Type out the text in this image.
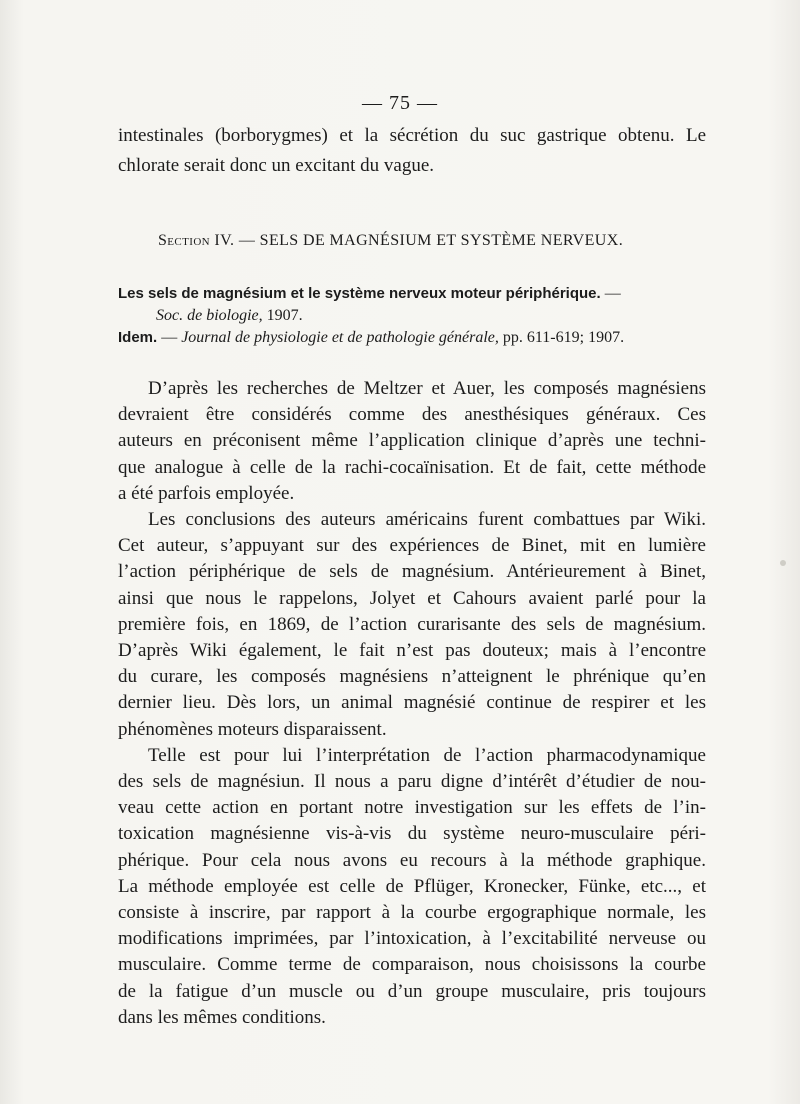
— 75 —
intestinales (borborygmes) et la sécrétion du suc gastrique obtenu. Le
chlorate serait donc un excitant du vague.
Section IV. — SELS DE MAGNÉSIUM ET SYSTÈME NERVEUX.
Les sels de magnésium et le système nerveux moteur périphérique. —
Soc. de biologie, 1907.
Idem. — Journal de physiologie et de pathologie générale, pp. 611-619; 1907.

D’après les recherches de Meltzer et Auer, les composés magnésiens
devraient être considérés comme des anesthésiques généraux. Ces
auteurs en préconisent même l’application clinique d’après une techni-
que analogue à celle de la rachi-cocaïnisation. Et de fait, cette méthode
a été parfois employée.

Les conclusions des auteurs américains furent combattues par Wiki.
Cet auteur, s’appuyant sur des expériences de Binet, mit en lumière
l’action périphérique de sels de magnésium. Antérieurement à Binet,
ainsi que nous le rappelons, Jolyet et Cahours avaient parlé pour la
première fois, en 1869, de l’action curarisante des sels de magnésium.
D’après Wiki également, le fait n’est pas douteux; mais à l’encontre
du curare, les composés magnésiens n’atteignent le phrénique qu’en
dernier lieu. Dès lors, un animal magnésié continue de respirer et les
phénomènes moteurs disparaissent.

Telle est pour lui l’interprétation de l’action pharmacodynamique
des sels de magnésiun. Il nous a paru digne d’intérêt d’étudier de nou-
veau cette action en portant notre investigation sur les effets de l’in-
toxication magnésienne vis-à-vis du système neuro-musculaire péri-
phérique. Pour cela nous avons eu recours à la méthode graphique.
La méthode employée est celle de Pflüger, Kronecker, Fünke, etc..., et
consiste à inscrire, par rapport à la courbe ergographique normale, les
modifications imprimées, par l’intoxication, à l’excitabilité nerveuse ou
musculaire. Comme terme de comparaison, nous choisissons la courbe
de la fatigue d’un muscle ou d’un groupe musculaire, pris toujours
dans les mêmes conditions.
